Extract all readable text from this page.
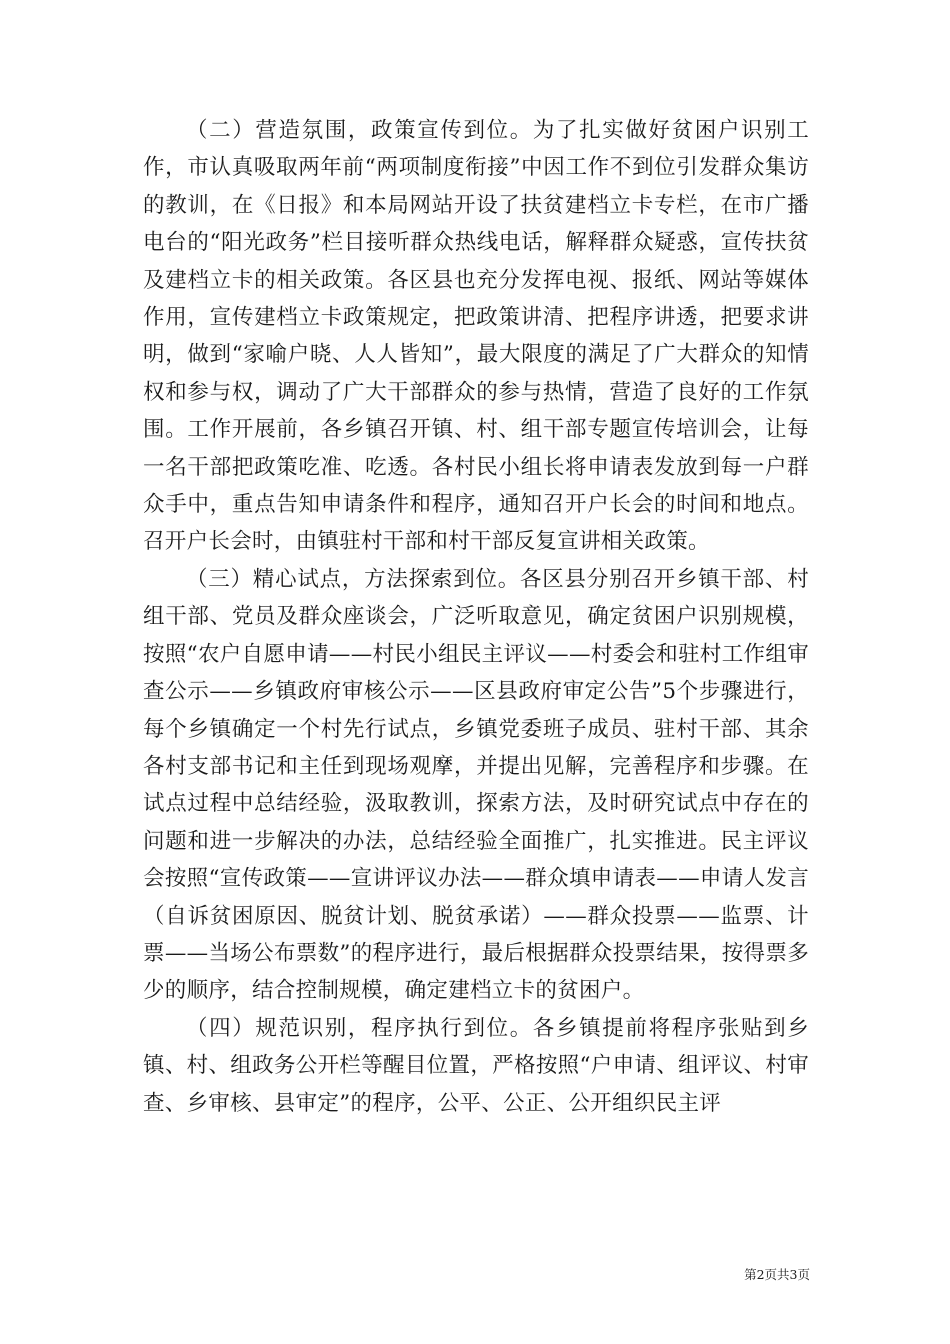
（二）营造氛围，政策宣传到位。为了扎实做好贫困户识别工作，市认真吸取两年前“两项制度衔接”中因工作不到位引发群众集访的教训，在《日报》和本局网站开设了扶贫建档立卡专栏，在市广播电台的“阳光政务”栏目接听群众热线电话，解释群众疑惑，宣传扶贫及建档立卡的相关政策。各区县也充分发挥电视、报纸、网站等媒体作用，宣传建档立卡政策规定，把政策讲清、把程序讲透，把要求讲明，做到“家喻户晓、人人皆知”，最大限度的满足了广大群众的知情权和参与权，调动了广大干部群众的参与热情，营造了良好的工作氛围。工作开展前，各乡镇召开镇、村、组干部专题宣传培训会，让每一名干部把政策吃准、吃透。各村民小组长将申请表发放到每一户群众手中，重点告知申请条件和程序，通知召开户长会的时间和地点。召开户长会时，由镇驻村干部和村干部反复宣讲相关政策。

（三）精心试点，方法探索到位。各区县分别召开乡镇干部、村组干部、党员及群众座谈会，广泛听取意见，确定贫困户识别规模，按照“农户自愿申请——村民小组民主评议——村委会和驻村工作组审查公示——乡镇政府审核公示——区县政府审定公告”5个步骤进行，每个乡镇确定一个村先行试点，乡镇党委班子成员、驻村干部、其余各村支部书记和主任到现场观摩，并提出见解，完善程序和步骤。在试点过程中总结经验，汲取教训，探索方法，及时研究试点中存在的问题和进一步解决的办法，总结经验全面推广，扎实推进。民主评议会按照“宣传政策——宣讲评议办法——群众填申请表——申请人发言（自诉贫困原因、脱贫计划、脱贫承诺）——群众投票——监票、计票——当场公布票数”的程序进行，最后根据群众投票结果，按得票多少的顺序，结合控制规模，确定建档立卡的贫困户。

（四）规范识别，程序执行到位。各乡镇提前将程序张贴到乡镇、村、组政务公开栏等醒目位置，严格按照“户申请、组评议、村审查、乡审核、县审定”的程序，公平、公正、公开组织民主评

第2页共3页
